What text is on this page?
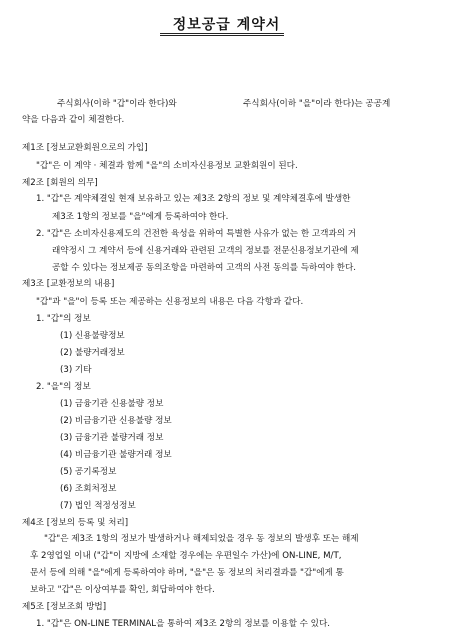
정보공급 계약서
주식회사(이하 "갑"이라 한다)와	주식회사(이하 "을"이라 한다)는 공공계
약을 다음과 같이 체결한다.
제1조 [정보교환회원으로의 가입]
"갑"은 이 계약 · 체결과 함께 "을"의 소비자신용정보 교환회원이 된다.
제2조 [회원의 의무]
1. "갑"은 계약체결일 현재 보유하고 있는 제3조 2항의 정보 및 계약체결후에 발생한
제3조 1항의 정보를 "을"에게 등록하여야 한다.
2. "갑"은 소비자신용제도의 건전한 육성을 위하여 특별한 사유가 없는 한 고객과의 거
래약정시 그 계약서 등에 신용거래와 관련된 고객의 정보를 전문신용정보기관에 제
공할 수 있다는 정보제공 동의조항을 마련하여 고객의 사전 동의를 득하여야 한다.
제3조 [교환정보의 내용]
"갑"과 "을"이 등록 또는 제공하는 신용정보의 내용은 다음 각항과 같다.
1. "갑"의 정보
(1) 신용불량정보
(2) 불량거래정보
(3) 기타
2. "을"의 정보
(1) 금융기관 신용불량 정보
(2) 비금융기관 신용불량 정보
(3) 금융기관 불량거래 정보
(4) 비금융기관 불량거래 정보
(5) 공기록정보
(6) 조회처정보
(7) 법인 적정성정보
제4조 [정보의 등록 및 처리]
"갑"은 제3조 1항의 정보가 발생하거나 해제되었을 경우 동 정보의 발생후 또는 해제
후 2영업일 이내 ("갑"이 지방에 소재할 경우에는 우편일수 가산)에 ON-LINE, M/T,
문서 등에 의해 "을"에게 등록하여야 하며, "을"은 동 정보의 처리결과를 "갑"에게 통
보하고 "갑"은 이상여부를 확인, 회답하여야 한다.
제5조 [정보조회 방법]
1. "갑"은 ON-LINE TERMINAL을 통하여 제3조 2항의 정보를 이용할 수 있다.
